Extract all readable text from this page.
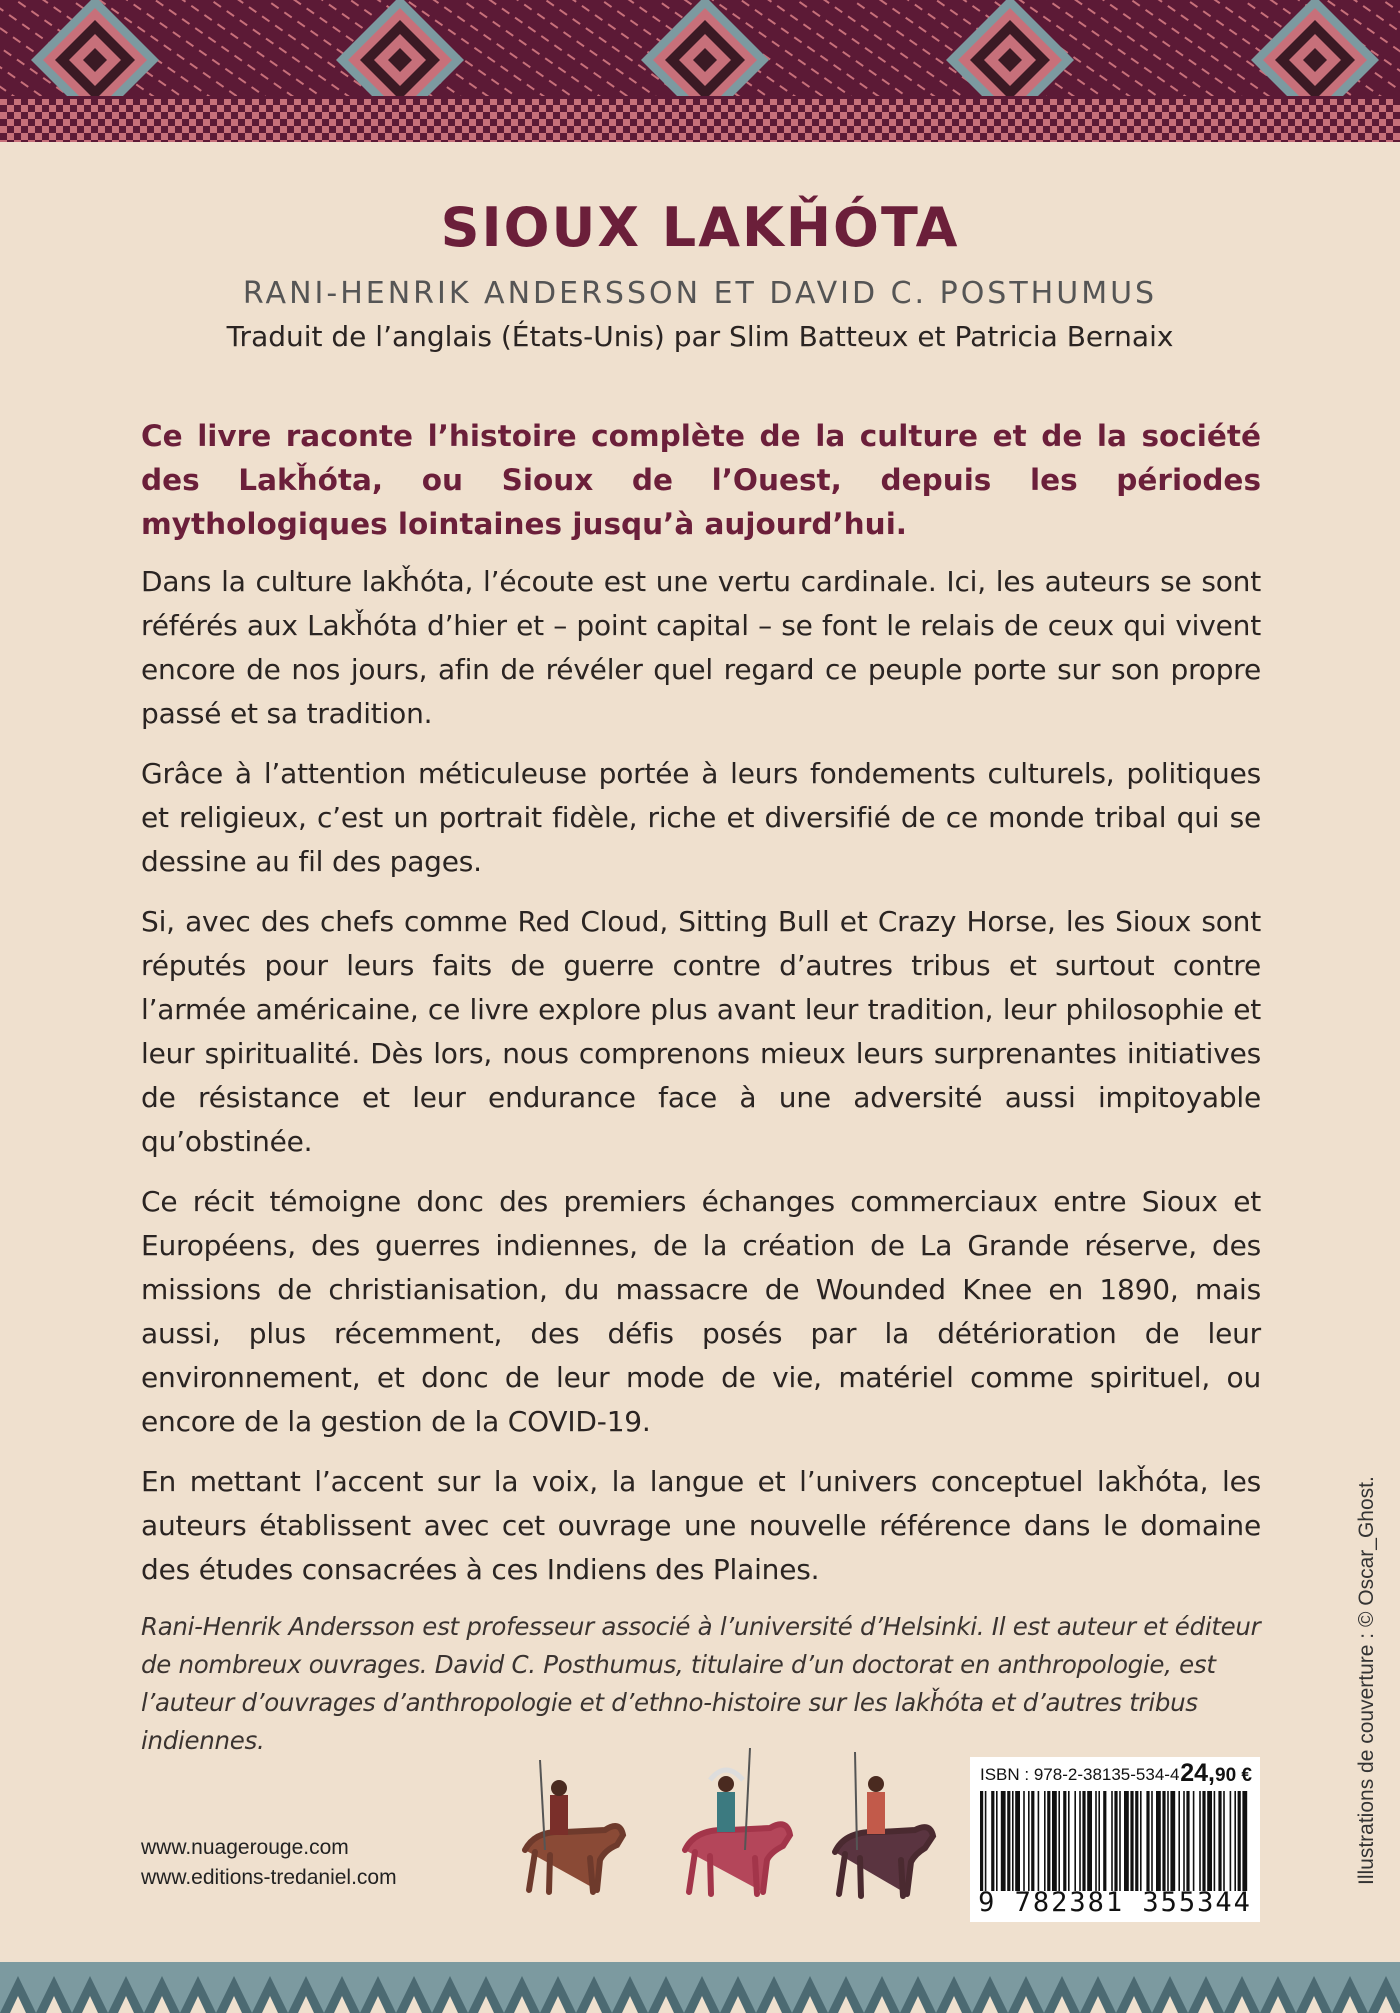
SIOUX LAKȞÓTA
RANI-HENRIK ANDERSSON ET DAVID C. POSTHUMUS
Traduit de l’anglais (États-Unis) par Slim Batteux et Patricia Bernaix

Ce livre raconte l’histoire complète de la culture et de la société des Lakȟóta, ou Sioux de l’Ouest, depuis les périodes mythologiques lointaines jusqu’à aujourd’hui.

Dans la culture lakȟóta, l’écoute est une vertu cardinale. Ici, les auteurs se sont référés aux Lakȟóta d’hier et – point capital – se font le relais de ceux qui vivent encore de nos jours, afin de révéler quel regard ce peuple porte sur son propre passé et sa tradition.

Grâce à l’attention méticuleuse portée à leurs fondements culturels, politiques et religieux, c’est un portrait fidèle, riche et diversifié de ce monde tribal qui se dessine au fil des pages.

Si, avec des chefs comme Red Cloud, Sitting Bull et Crazy Horse, les Sioux sont réputés pour leurs faits de guerre contre d’autres tribus et surtout contre l’armée américaine, ce livre explore plus avant leur tradition, leur philosophie et leur spiritualité. Dès lors, nous comprenons mieux leurs surprenantes initiatives de résistance et leur endurance face à une adversité aussi impitoyable qu’obstinée.

Ce récit témoigne donc des premiers échanges commerciaux entre Sioux et Européens, des guerres indiennes, de la création de La Grande réserve, des missions de christianisation, du massacre de Wounded Knee en 1890, mais aussi, plus récemment, des défis posés par la détérioration de leur environnement, et donc de leur mode de vie, matériel comme spirituel, ou encore de la gestion de la COVID-19.

En mettant l’accent sur la voix, la langue et l’univers conceptuel lakȟóta, les auteurs établissent avec cet ouvrage une nouvelle référence dans le domaine des études consacrées à ces Indiens des Plaines.

Rani-Henrik Andersson est professeur associé à l’université d’Helsinki. Il est auteur et éditeur de nombreux ouvrages. David C. Posthumus, titulaire d’un doctorat en anthropologie, est l’auteur d’ouvrages d’anthropologie et d’ethno-histoire sur les lakȟóta et d’autres tribus indiennes.

www.nuagerouge.com
www.editions-tredaniel.com
ISBN : 978-2-38135-534-4 24,90 €
9 782381 355344
Illustrations de couverture : © Oscar_Ghost.
